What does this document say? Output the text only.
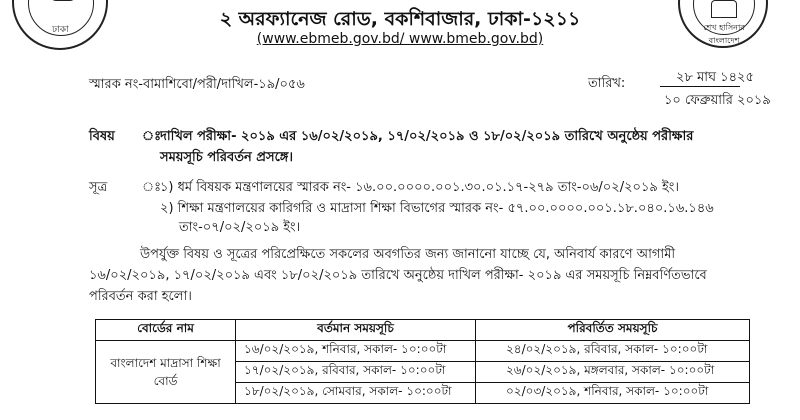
ঢাকা	শেখ হাসিনার বাংলাদেশ
২ অরফ্যানেজ রোড, বকশিবাজার, ঢাকা-১২১১
(www.ebmeb.gov.bd/ www.bmeb.gov.bd)
স্মারক নং-বামাশিবো/পরী/দাখিল-১৯/০৫৬	তারিখ:	২৮ মাঘ ১৪২৫
১০ ফেব্রুয়ারি ২০১৯
বিষয় ঃ
দাখিল পরীক্ষা- ২০১৯ এর ১৬/০২/২০১৯, ১৭/০২/২০১৯ ও ১৮/০২/২০১৯ তারিখে অনুষ্ঠেয় পরীক্ষার
সময়সূচি পরিবর্তন প্রসঙ্গে।
সূত্র	ঃ
১) ধর্ম বিষয়ক মন্ত্রণালয়ের স্মারক নং- ১৬.০০.০০০০.০০১.৩০.০১.১৭-২৭৯ তাং-০৬/০২/২০১৯ ইং।
২) শিক্ষা মন্ত্রণালয়ের কারিগরি ও মাদ্রাসা শিক্ষা বিভাগের স্মারক নং- ৫৭.০০.০০০০.০০১.১৮.০৪০.১৬.১৪৬
তাং-০৭/০২/২০১৯ ইং।
উপর্যুক্ত বিষয় ও সূত্রের পরিপ্রেক্ষিতে সকলের অবগতির জন্য জানানো যাচ্ছে যে, অনিবার্য কারণে আগামী
১৬/০২/২০১৯, ১৭/০২/২০১৯ এবং ১৮/০২/২০১৯ তারিখে অনুষ্ঠেয় দাখিল পরীক্ষা- ২০১৯ এর সময়সূচি নিম্নবর্ণিতভাবে
পরিবর্তন করা হলো।
বোর্ডের নাম	বর্তমান সময়সূচি	পরিবর্তিত সময়সূচি
বাংলাদেশ মাদ্রাসা শিক্ষা বোর্ড	১৬/০২/২০১৯, শনিবার, সকাল- ১০:০০টা	২৪/০২/২০১৯, রবিবার, সকাল- ১০:০০টা
	১৭/০২/২০১৯, রবিবার, সকাল- ১০:০০টা	২৬/০২/২০১৯, মঙ্গলবার, সকাল- ১০:০০টা
	১৮/০২/২০১৯, সোমবার, সকাল- ১০:০০টা	০২/০৩/২০১৯, শনিবার, সকাল- ১০:০০টা
